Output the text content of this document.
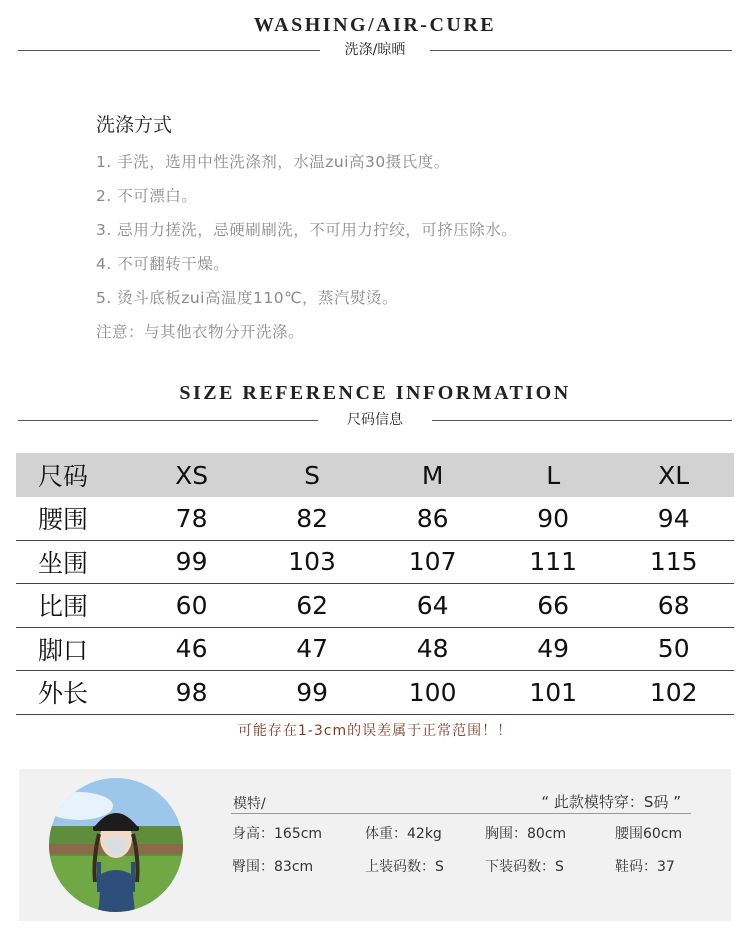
WASHING/AIR-CURE
洗涤/晾晒
洗涤方式
1. 手洗，选用中性洗涤剂，水温zui高30摄氏度。
2. 不可漂白。
3. 忌用力搓洗，忌硬刷刷洗，不可用力拧绞，可挤压除水。
4. 不可翻转干燥。
5. 烫斗底板zui高温度110℃，蒸汽熨烫。
注意：与其他衣物分开洗涤。
SIZE REFERENCE INFORMATION
尺码信息
尺码	XS	S	M	L	XL
腰围	78	82	86	90	94
坐围	99	103	107	111	115
比围	60	62	64	66	68
脚口	46	47	48	49	50
外长	98	99	100	101	102
可能存在1-3cm的误差属于正常范围！！
模特/	“ 此款模特穿：S码 ”
身高：165cm	体重：42kg	胸围：80cm	腰围60cm
臀围：83cm	上装码数：S	下装码数：S	鞋码：37
